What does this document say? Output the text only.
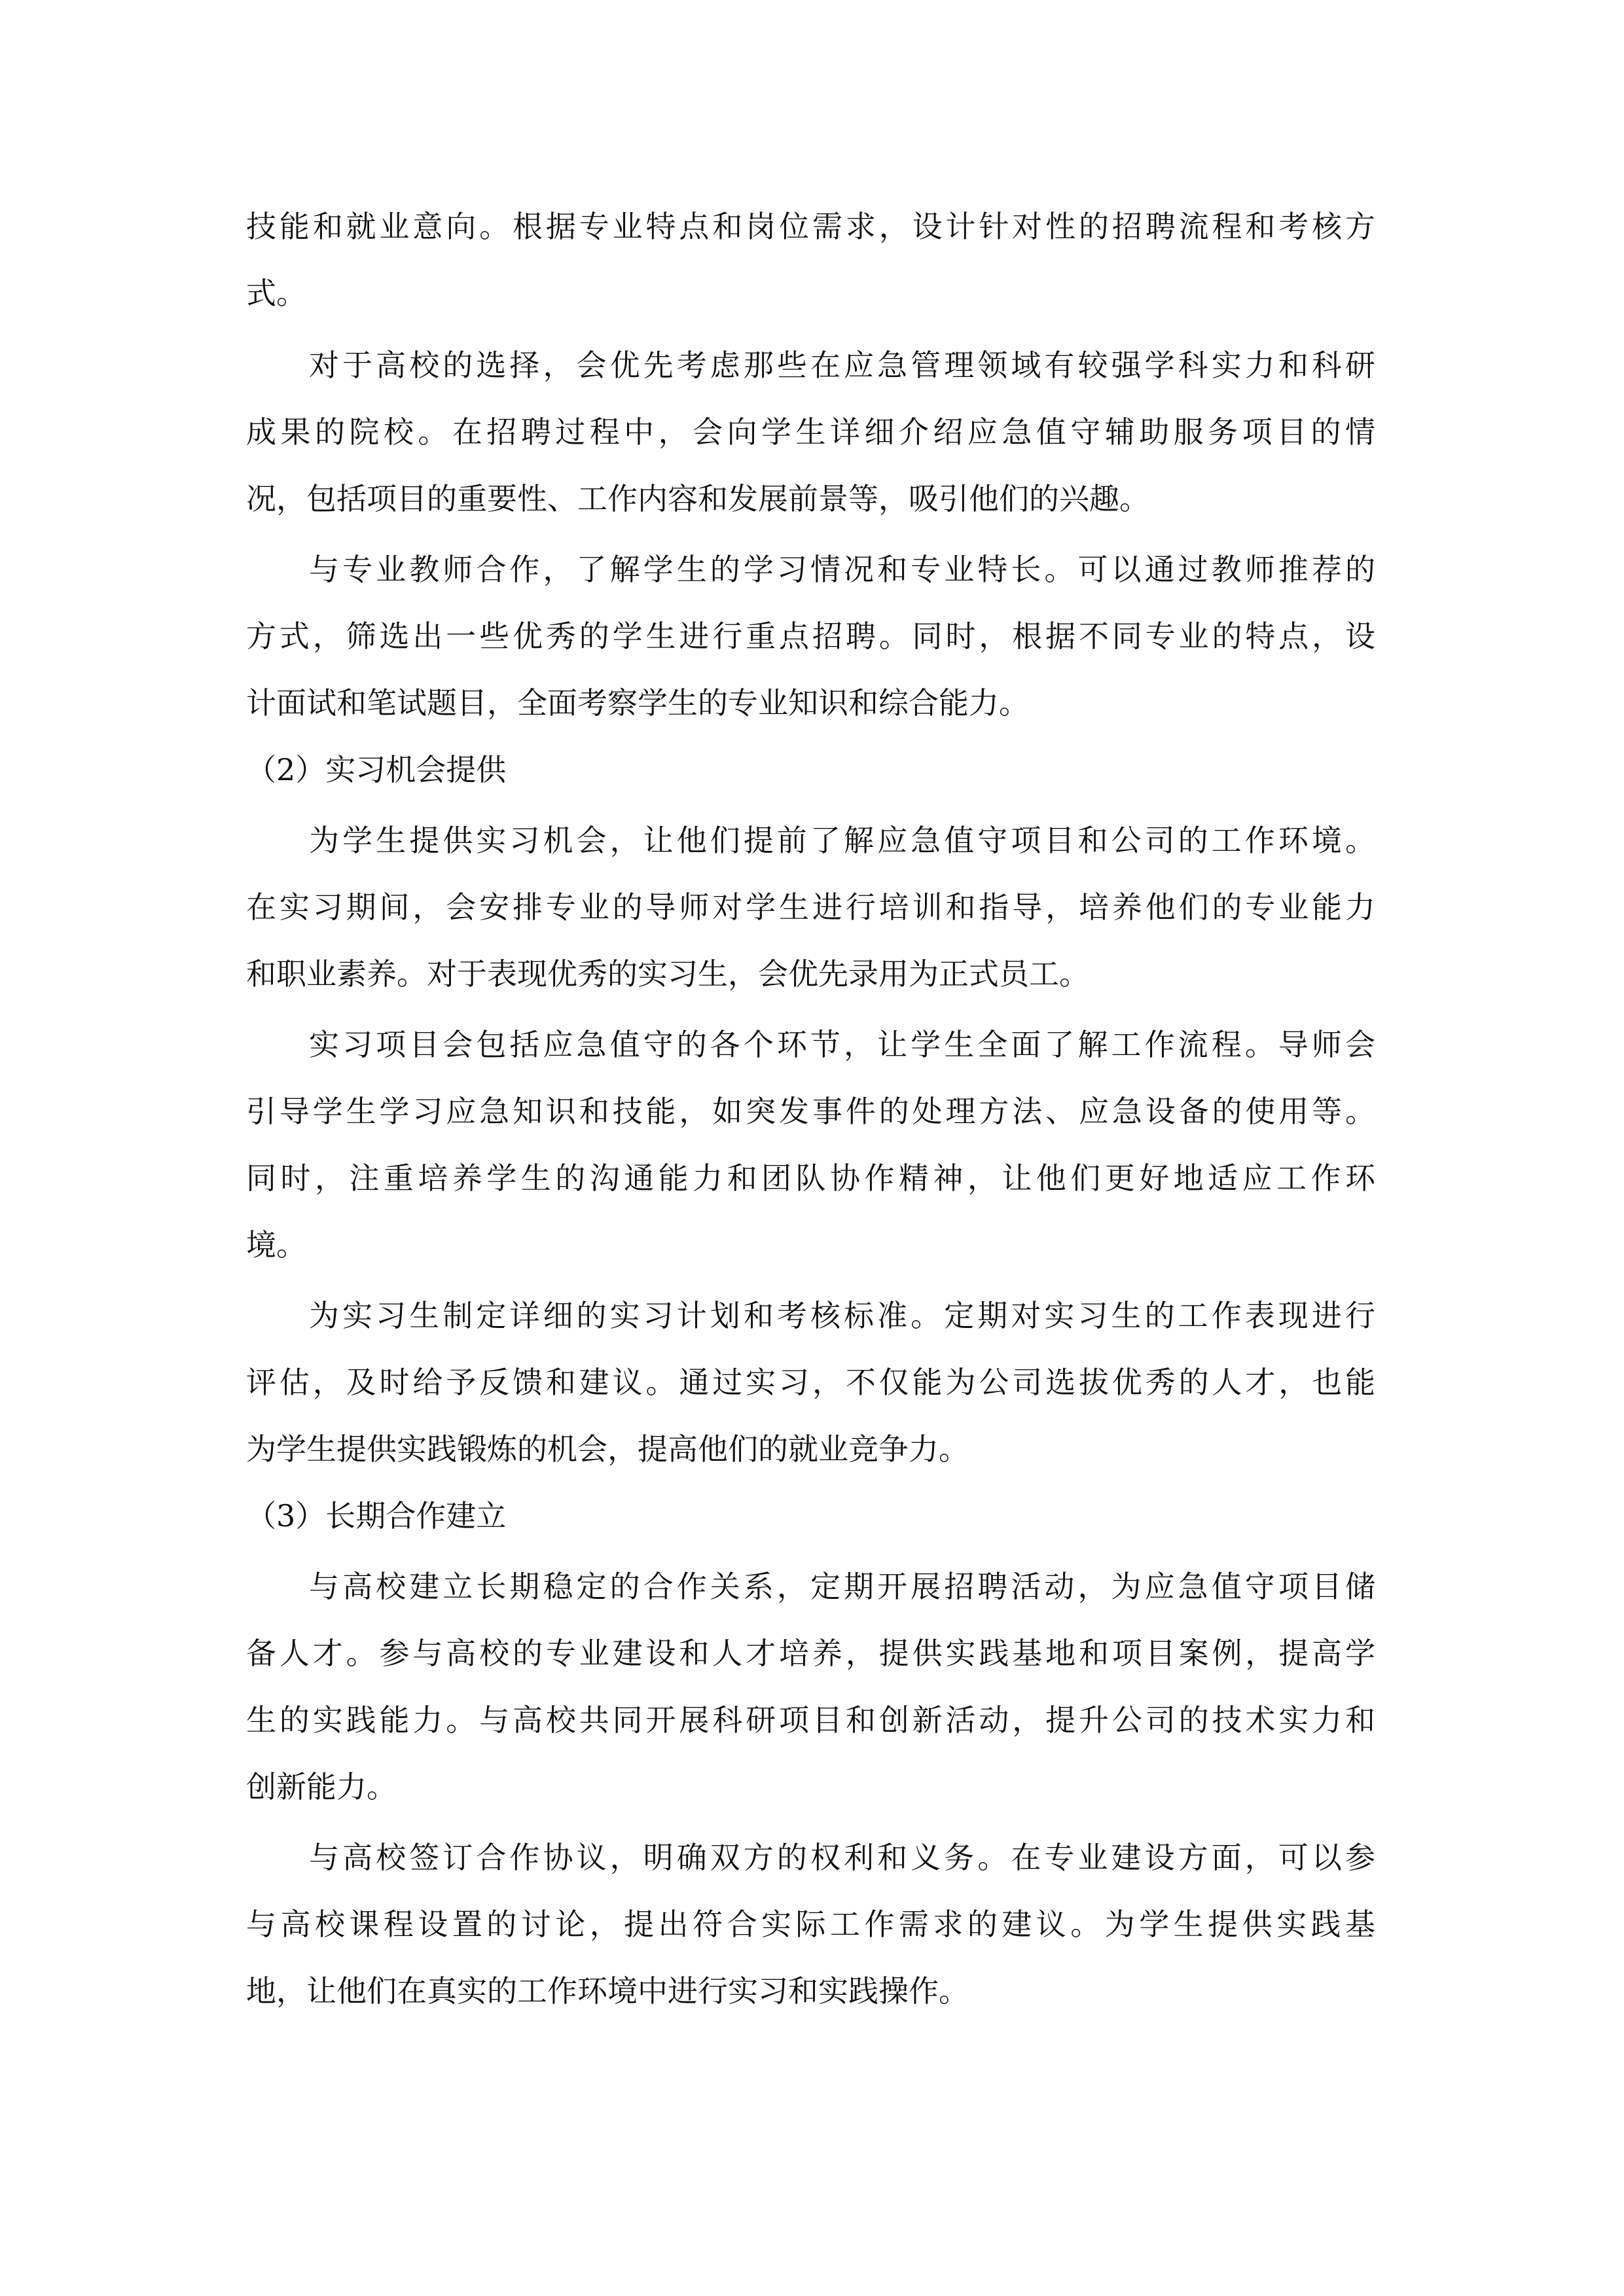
技能和就业意向。根据专业特点和岗位需求，设计针对性的招聘流程和考核方
式。
对于高校的选择，会优先考虑那些在应急管理领域有较强学科实力和科研
成果的院校。在招聘过程中，会向学生详细介绍应急值守辅助服务项目的情
况，包括项目的重要性、工作内容和发展前景等，吸引他们的兴趣。
与专业教师合作，了解学生的学习情况和专业特长。可以通过教师推荐的
方式，筛选出一些优秀的学生进行重点招聘。同时，根据不同专业的特点，设
计面试和笔试题目，全面考察学生的专业知识和综合能力。
（2）实习机会提供
为学生提供实习机会，让他们提前了解应急值守项目和公司的工作环境。
在实习期间，会安排专业的导师对学生进行培训和指导，培养他们的专业能力
和职业素养。对于表现优秀的实习生，会优先录用为正式员工。
实习项目会包括应急值守的各个环节，让学生全面了解工作流程。导师会
引导学生学习应急知识和技能，如突发事件的处理方法、应急设备的使用等。
同时，注重培养学生的沟通能力和团队协作精神，让他们更好地适应工作环
境。
为实习生制定详细的实习计划和考核标准。定期对实习生的工作表现进行
评估，及时给予反馈和建议。通过实习，不仅能为公司选拔优秀的人才，也能
为学生提供实践锻炼的机会，提高他们的就业竞争力。
（3）长期合作建立
与高校建立长期稳定的合作关系，定期开展招聘活动，为应急值守项目储
备人才。参与高校的专业建设和人才培养，提供实践基地和项目案例，提高学
生的实践能力。与高校共同开展科研项目和创新活动，提升公司的技术实力和
创新能力。
与高校签订合作协议，明确双方的权利和义务。在专业建设方面，可以参
与高校课程设置的讨论，提出符合实际工作需求的建议。为学生提供实践基
地，让他们在真实的工作环境中进行实习和实践操作。
